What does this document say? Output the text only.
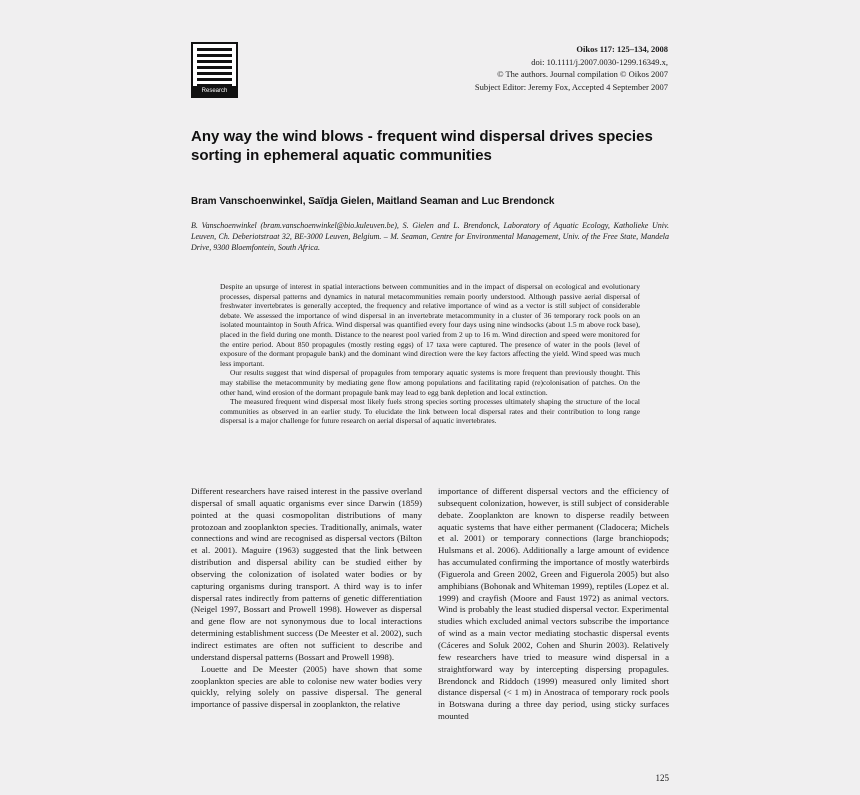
Research
Oikos 117: 125–134, 2008
doi: 10.1111/j.2007.0030-1299.16349.x,
© The authors. Journal compilation © Oikos 2007
Subject Editor: Jeremy Fox, Accepted 4 September 2007
Any way the wind blows - frequent wind dispersal drives species sorting in ephemeral aquatic communities
Bram Vanschoenwinkel, Saïdja Gielen, Maitland Seaman and Luc Brendonck
B. Vanschoenwinkel (bram.vanschoenwinkel@bio.kuleuven.be), S. Gielen and L. Brendonck, Laboratory of Aquatic Ecology, Katholieke Univ. Leuven, Ch. Deberiotstraat 32, BE-3000 Leuven, Belgium. – M. Seaman, Centre for Environmental Management, Univ. of the Free State, Mandela Drive, 9300 Bloemfontein, South Africa.

Despite an upsurge of interest in spatial interactions between communities and in the impact of dispersal on ecological and evolutionary processes, dispersal patterns and dynamics in natural metacommunities remain poorly understood. Although passive aerial dispersal of freshwater invertebrates is generally accepted, the frequency and relative importance of wind as a vector is still subject of considerable debate. We assessed the importance of wind dispersal in an invertebrate metacommunity in a cluster of 36 temporary rock pools on an isolated mountaintop in South Africa. Wind dispersal was quantified every four days using nine windsocks (about 1.5 m above rock base), placed in the field during one month. Distance to the nearest pool varied from 2 up to 16 m. Wind direction and speed were monitored for the entire period. About 850 propagules (mostly resting eggs) of 17 taxa were captured. The presence of water in the pools (level of exposure of the dormant propagule bank) and the dominant wind direction were the key factors affecting the yield. Wind speed was much less important.

Our results suggest that wind dispersal of propagules from temporary aquatic systems is more frequent than previously thought. This may stabilise the metacommunity by mediating gene flow among populations and facilitating rapid (re)colonisation of patches. On the other hand, wind erosion of the dormant propagule bank may lead to egg bank depletion and local extinction.

The measured frequent wind dispersal most likely fuels strong species sorting processes ultimately shaping the structure of the local communities as observed in an earlier study. To elucidate the link between local dispersal rates and their contribution to long range dispersal is a major challenge for future research on aerial dispersal of aquatic invertebrates.

Different researchers have raised interest in the passive overland dispersal of small aquatic organisms ever since Darwin (1859) pointed at the quasi cosmopolitan distributions of many protozoan and zooplankton species. Traditionally, animals, water connections and wind are recognised as dispersal vectors (Bilton et al. 2001). Maguire (1963) suggested that the link between distribution and dispersal ability can be studied either by observing the colonization of isolated water bodies or by capturing organisms during transport. A third way is to infer dispersal rates indirectly from patterns of genetic differentiation (Neigel 1997, Bossart and Prowell 1998). However as dispersal and gene flow are not synonymous due to local interactions determining establishment success (De Meester et al. 2002), such indirect estimates are often not sufficient to describe and understand dispersal patterns (Bossart and Prowell 1998).

Louette and De Meester (2005) have shown that some zooplankton species are able to colonise new water bodies very quickly, relying solely on passive dispersal. The general importance of passive dispersal in zooplankton, the relative

importance of different dispersal vectors and the efficiency of subsequent colonization, however, is still subject of considerable debate. Zooplankton are known to disperse readily between aquatic systems that have either permanent (Cladocera; Michels et al. 2001) or temporary connections (large branchiopods; Hulsmans et al. 2006). Additionally a large amount of evidence has accumulated confirming the importance of mostly waterbirds (Figuerola and Green 2002, Green and Figuerola 2005) but also amphibians (Bohonak and Whiteman 1999), reptiles (Lopez et al. 1999) and crayfish (Moore and Faust 1972) as animal vectors. Wind is probably the least studied dispersal vector. Experimental studies which excluded animal vectors subscribe the importance of wind as a main vector mediating stochastic dispersal events (Cáceres and Soluk 2002, Cohen and Shurin 2003). Relatively few researchers have tried to measure wind dispersal in a straightforward way by intercepting dispersing propagules. Brendonck and Riddoch (1999) measured only limited short distance dispersal (< 1 m) in Anostraca of temporary rock pools in Botswana during a three day period, using sticky surfaces mounted

125
